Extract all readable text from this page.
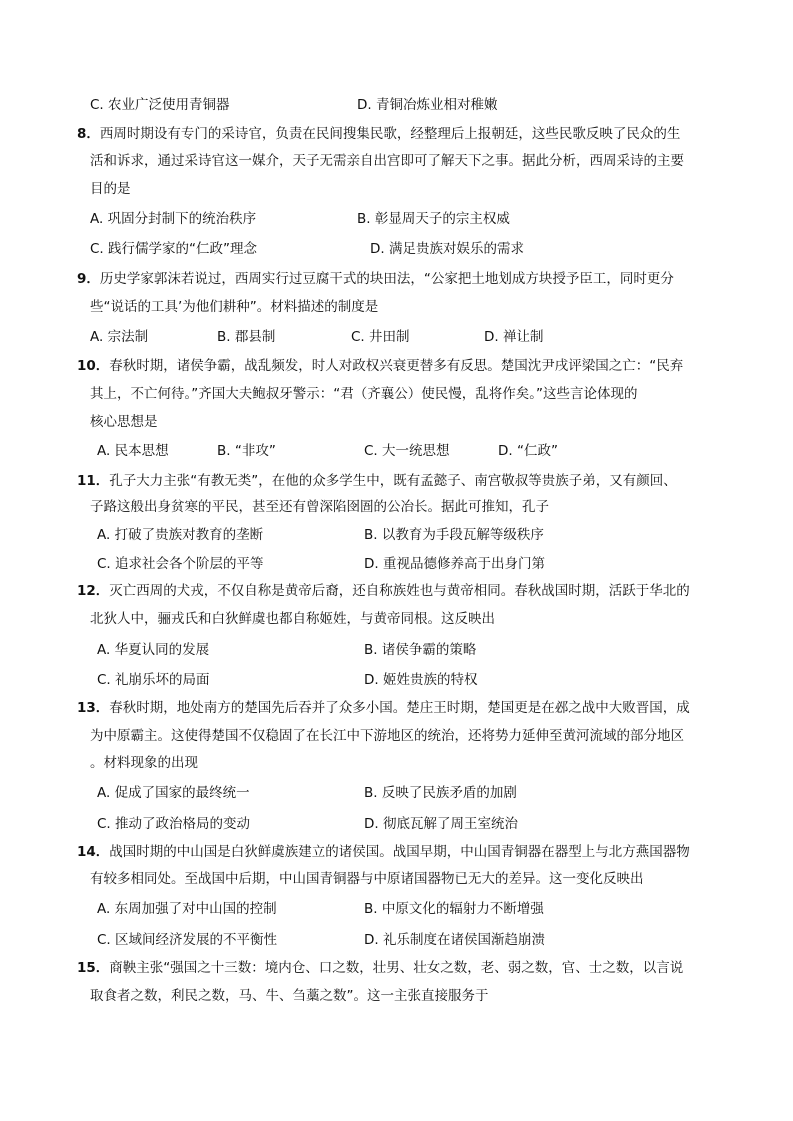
C. 农业广泛使用青铜器	D. 青铜冶炼业相对稚嫩
8．西周时期设有专门的采诗官，负责在民间搜集民歌，经整理后上报朝廷，这些民歌反映了民众的生
活和诉求，通过采诗官这一媒介，天子无需亲自出宫即可了解天下之事。据此分析，西周采诗的主要
目的是
A. 巩固分封制下的统治秩序	B. 彰显周天子的宗主权威
C. 践行儒学家的“仁政”理念	D. 满足贵族对娱乐的需求
9．历史学家郭沫若说过，西周实行过豆腐干式的块田法，“公家把土地划成方块授予臣工，同时更分
些“说话的工具’为他们耕种”。材料描述的制度是
A. 宗法制	B. 郡县制	C. 井田制	D. 禅让制
10．春秋时期，诸侯争霸，战乱频发，时人对政权兴衰更替多有反思。楚国沈尹戌评梁国之亡：“民弃
其上，不亡何待。”齐国大夫鲍叔牙警示：“君（齐襄公）使民慢，乱将作矣。”这些言论体现的
核心思想是
A. 民本思想	B. “非攻”	C. 大一统思想	D. “仁政”
11．孔子大力主张“有教无类”，在他的众多学生中，既有孟懿子、南宫敬叔等贵族子弟，又有颜回、
子路这般出身贫寒的平民，甚至还有曾深陷囹圄的公冶长。据此可推知，孔子
A. 打破了贵族对教育的垄断	B. 以教育为手段瓦解等级秩序
C. 追求社会各个阶层的平等	D. 重视品德修养高于出身门第
12．灭亡西周的犬戎，不仅自称是黄帝后裔，还自称族姓也与黄帝相同。春秋战国时期，活跃于华北的
北狄人中，骊戎氏和白狄鲜虞也都自称姬姓，与黄帝同根。这反映出
A. 华夏认同的发展	B. 诸侯争霸的策略
C. 礼崩乐坏的局面	D. 姬姓贵族的特权
13．春秋时期，地处南方的楚国先后吞并了众多小国。楚庄王时期，楚国更是在邲之战中大败晋国，成
为中原霸主。这使得楚国不仅稳固了在长江中下游地区的统治，还将势力延伸至黄河流域的部分地区
。材料现象的出现
A. 促成了国家的最终统一	B. 反映了民族矛盾的加剧
C. 推动了政治格局的变动	D. 彻底瓦解了周王室统治
14．战国时期的中山国是白狄鲜虞族建立的诸侯国。战国早期，中山国青铜器在器型上与北方燕国器物
有较多相同处。至战国中后期，中山国青铜器与中原诸国器物已无大的差异。这一变化反映出
A. 东周加强了对中山国的控制	B. 中原文化的辐射力不断增强
C. 区域间经济发展的不平衡性	D. 礼乐制度在诸侯国渐趋崩溃
15．商鞅主张“强国之十三数：境内仓、口之数，壮男、壮女之数，老、弱之数，官、士之数，以言说
取食者之数，利民之数，马、牛、刍藁之数”。这一主张直接服务于
